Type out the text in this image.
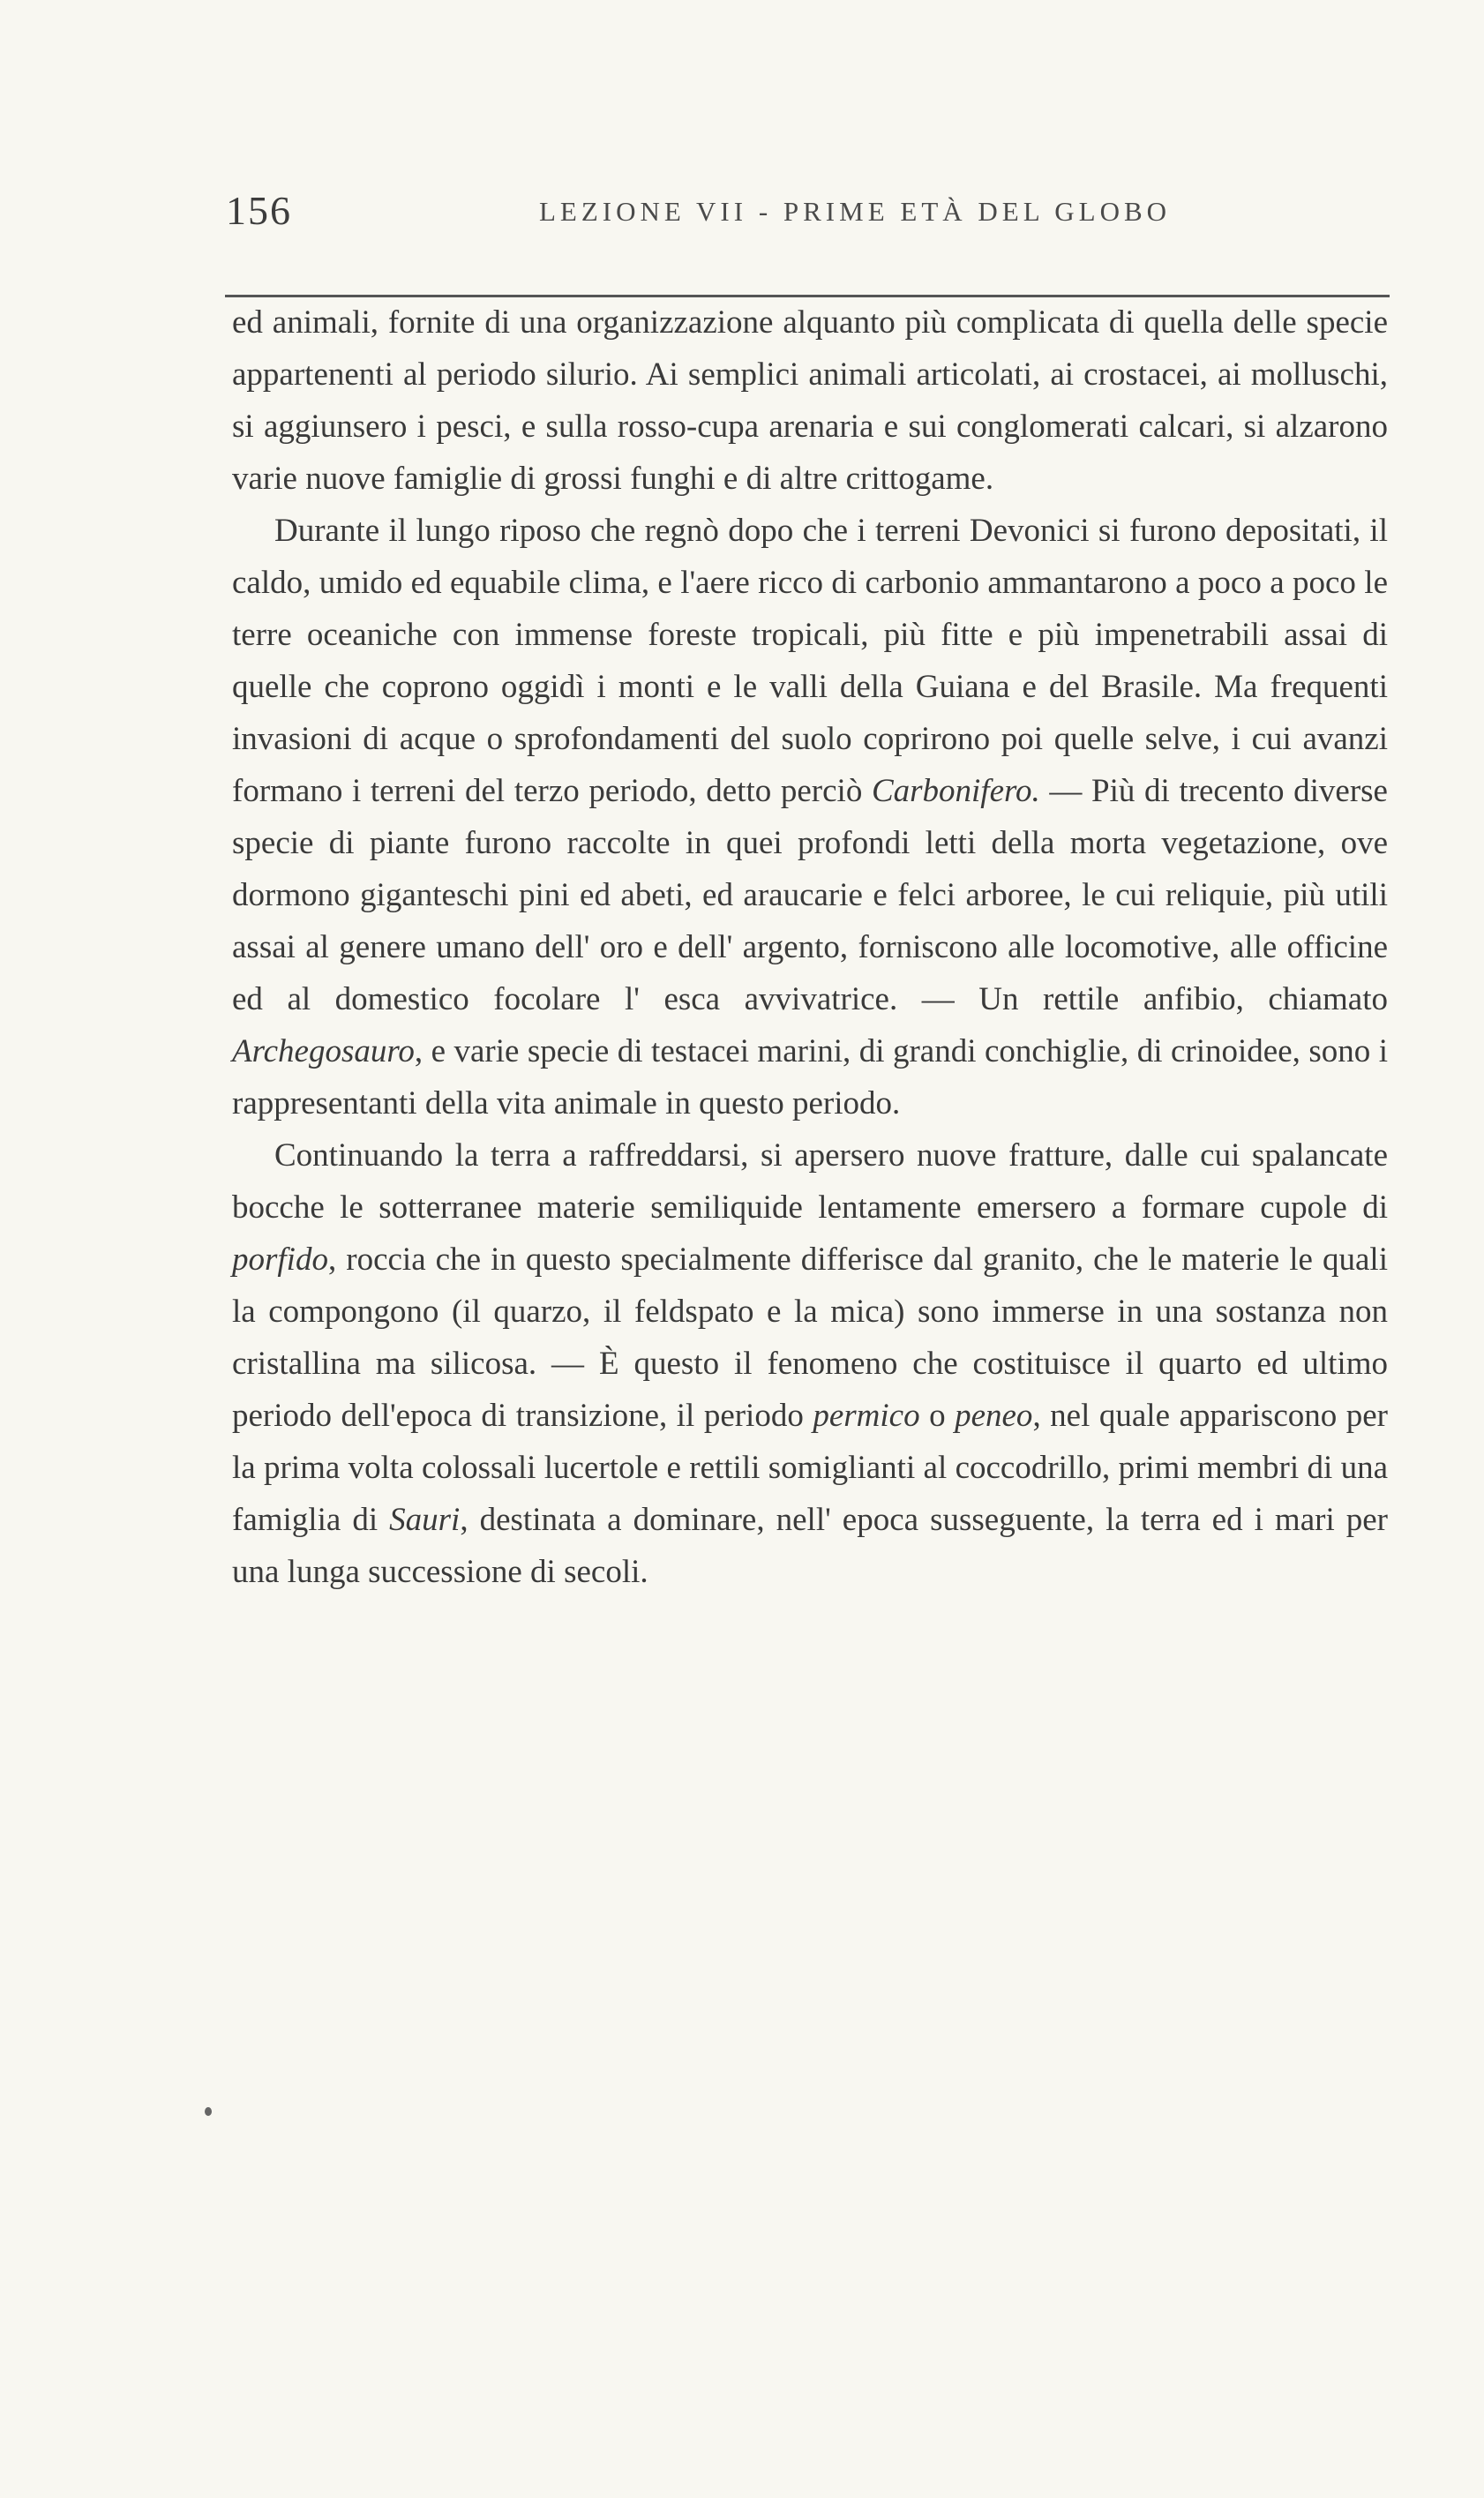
156	LEZIONE VII - PRIME ETÀ DEL GLOBO

ed animali, fornite di una organizzazione alquanto più complicata di quella delle specie appartenenti al periodo silurio. Ai semplici animali articolati, ai crostacei, ai molluschi, si aggiunsero i pesci, e sulla rosso-cupa arenaria e sui conglomerati calcari, si alzarono varie nuove famiglie di grossi funghi e di altre crittogame.

Durante il lungo riposo che regnò dopo che i terreni Devonici si furono depositati, il caldo, umido ed equabile clima, e l'aere ricco di carbonio ammantarono a poco a poco le terre oceaniche con immense foreste tropicali, più fitte e più impenetrabili assai di quelle che coprono oggidì i monti e le valli della Guiana e del Brasile. Ma frequenti invasioni di acque o sprofondamenti del suolo coprirono poi quelle selve, i cui avanzi formano i terreni del terzo periodo, detto perciò Carbonifero. — Più di trecento diverse specie di piante furono raccolte in quei profondi letti della morta vegetazione, ove dormono giganteschi pini ed abeti, ed araucarie e felci arboree, le cui reliquie, più utili assai al genere umano dell' oro e dell' argento, forniscono alle locomotive, alle officine ed al domestico focolare l' esca avvivatrice. — Un rettile anfibio, chiamato Archegosauro, e varie specie di testacei marini, di grandi conchiglie, di crinoidee, sono i rappresentanti della vita animale in questo periodo.

Continuando la terra a raffreddarsi, si apersero nuove fratture, dalle cui spalancate bocche le sotterranee materie semiliquide lentamente emersero a formare cupole di porfido, roccia che in questo specialmente differisce dal granito, che le materie le quali la compongono (il quarzo, il feldspato e la mica) sono immerse in una sostanza non cristallina ma silicosa. — È questo il fenomeno che costituisce il quarto ed ultimo periodo dell'epoca di transizione, il periodo permico o peneo, nel quale appariscono per la prima volta colossali lucertole e rettili somiglianti al coccodrillo, primi membri di una famiglia di Sauri, destinata a dominare, nell' epoca susseguente, la terra ed i mari per una lunga successione di secoli.
